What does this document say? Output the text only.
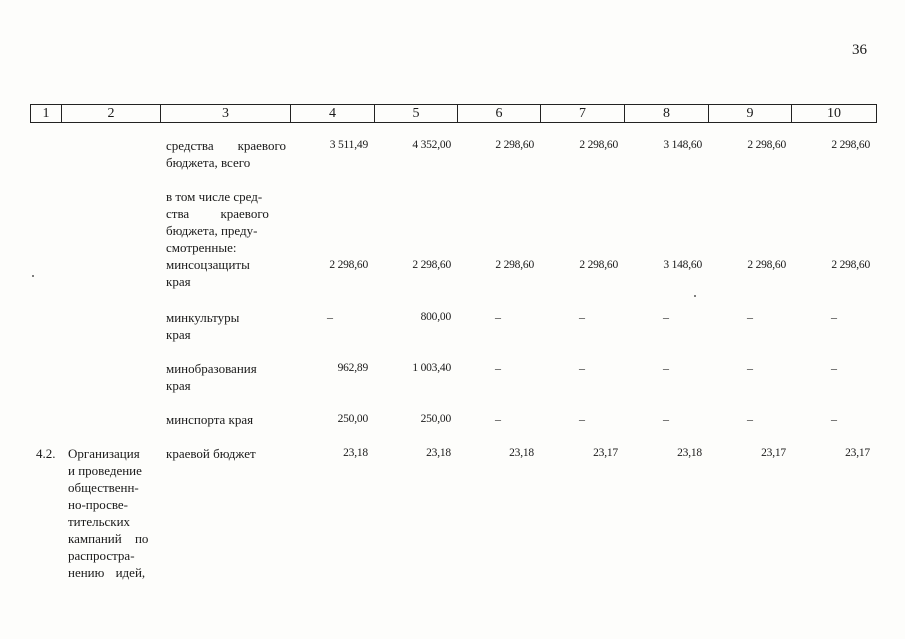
36
1	2	3	4	5	6	7	8	9	10
средства краевого бюджета, всего
3 511,49	4 352,00	2 298,60	2 298,60	3 148,60	2 298,60	2 298,60
в том числе сред-
ства краевого
бюджета, преду-
смотренные:
минсоцзащиты
края
2 298,60	2 298,60	2 298,60	2 298,60	3 148,60	2 298,60	2 298,60
минкультуры
края
–	800,00	–	–	–	–	–
минобразования
края
962,89	1 003,40	–	–	–	–	–
минспорта края	250,00	250,00	–	–	–	–	–
4.2. Организация
и проведение
общественн-
но-просве-
тительских
кампаний по
распростра-
нению идей,
краевой бюджет	23,18	23,18	23,18	23,17	23,18	23,17	23,17
